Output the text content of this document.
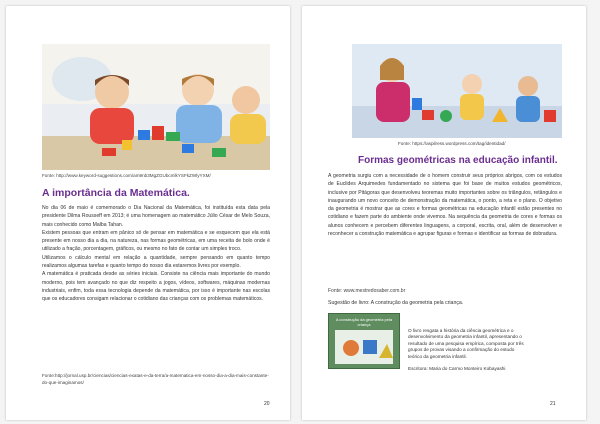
Fonte: http://www.keyword-suggestions.com/am9nb3MgZGUbcmlkYSFkZWlyYXM/
A importância da Matemática.

No dia 06 de maio é comemorado o Dia Nacional da Matemática, foi instituída esta data pela presidente Dilma Rousseff em 2013; é uma homenagem ao matemático Júlio César de Melo Souza, mais conhecido como Malba Tahan.

Existem pessoas que entram em pânico só de pensar em matemática e se esquecem que ela está presente em nosso dia a dia, na natureza, nas formas geométricas, em uma receita de bolo onde é utilizado a fração, porcentagem, gráficos, ou mesmo no fato de contar um simples troco.

Utilizamos o cálculo mental em relação a quantidade, sempre pensando em quanto tempo realizamos algumas tarefas e quanto tempo do nosso dia estaremos livres por exemplo.

A matemática é praticada desde as séries iniciais. Consiste na ciência mais importante do mundo moderno, pois tem avançado no que diz respeito a jogos, vídeos, softwares, máquinas modernas industriais, enfim, toda essa tecnologia depende da matemática, por isso é importante nas escolas que os educadores consigam relacionar o cotidiano das crianças com os problemas matemáticos.

Fonte:http://jornal.usp.br/ciencias/ciencias-exatas-e-da-terra/a-matematica-em-nosso-dia-a-dia-mais-constante-do-que-imaginamos/
20
Fonte: https://aspilress.wordpress.com/tag/identidad/
Formas geométricas na educação infantil.

A geometria surgiu com a necessidade de o homem construir seus próprios abrigos, com os estudos de Euclides Arquimedes fundamentado no sistema que foi base de muitos estudos geométricos, inclusive por Pitágoras que desenvolveu teoremas muito importantes sobre os triângulos, retângulos e inaugurando um novo conceito de demonstração da matemática, o ponto, a reta e o plano. O objetivo da geometria é mostrar que as cores e formas geométricas na educação infantil estão presentes no cotidiano e fazem parte do ambiente onde vivemos. Na sequência da geometria de cores e formas os alunos conhecem e percebem diferentes linguagens, a corporal, escrita, oral, além de desenvolver e reconhecer a construção matemática e agrupar figuras e formas e identificar as formas de dobradura.

Fonte: www.mestredosaber.com.br
Sugestão de livro: A construção da geometria pela criança.
A construção da geometria pela criança

O livro resgata a história da ciência geométrica e o desenvolvimento da geometria infantil, apresentando o resultado de uma pesquisa empírica, composta por três grupos de provas visando a confirmação do estudo teórico da geometria infantil.

Escritora: Maria do Carmo Monteiro Kobayashi

21
